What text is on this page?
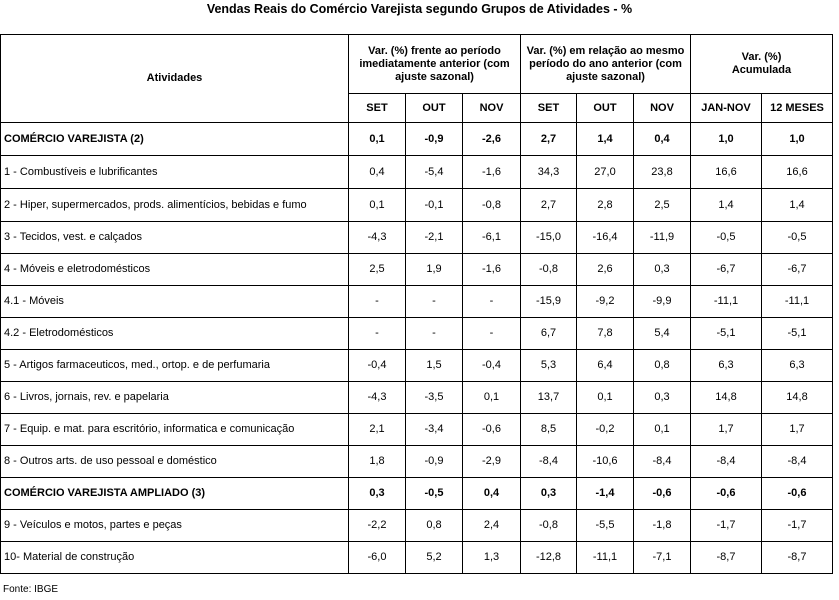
Vendas Reais do Comércio Varejista segundo Grupos de Atividades - %
Atividades	Var. (%) frente ao período imediatamente anterior (com ajuste sazonal)			Var. (%) em relação ao mesmo período do ano anterior (com ajuste sazonal)			Var. (%)
Acumulada	
	SET	OUT	NOV	SET	OUT	NOV	JAN-NOV	12 MESES
COMÉRCIO VAREJISTA (2)	0,1	-0,9	-2,6	2,7	1,4	0,4	1,0	1,0
1 - Combustíveis e lubrificantes	0,4	-5,4	-1,6	34,3	27,0	23,8	16,6	16,6
2 - Hiper, supermercados, prods. alimentícios, bebidas e fumo	0,1	-0,1	-0,8	2,7	2,8	2,5	1,4	1,4
3 - Tecidos, vest. e calçados	-4,3	-2,1	-6,1	-15,0	-16,4	-11,9	-0,5	-0,5
4 - Móveis e eletrodomésticos	2,5	1,9	-1,6	-0,8	2,6	0,3	-6,7	-6,7
4.1 - Móveis	-	-	-	-15,9	-9,2	-9,9	-11,1	-11,1
4.2 - Eletrodomésticos	-	-	-	6,7	7,8	5,4	-5,1	-5,1
5 - Artigos farmaceuticos, med., ortop. e de perfumaria	-0,4	1,5	-0,4	5,3	6,4	0,8	6,3	6,3
6 - Livros, jornais, rev. e papelaria	-4,3	-3,5	0,1	13,7	0,1	0,3	14,8	14,8
7 - Equip. e mat. para escritório, informatica e comunicação	2,1	-3,4	-0,6	8,5	-0,2	0,1	1,7	1,7
8 - Outros arts. de uso pessoal e doméstico	1,8	-0,9	-2,9	-8,4	-10,6	-8,4	-8,4	-8,4
COMÉRCIO VAREJISTA AMPLIADO (3)	0,3	-0,5	0,4	0,3	-1,4	-0,6	-0,6	-0,6
9 - Veículos e motos, partes e peças	-2,2	0,8	2,4	-0,8	-5,5	-1,8	-1,7	-1,7
10- Material de construção	-6,0	5,2	1,3	-12,8	-11,1	-7,1	-8,7	-8,7
Fonte: IBGE
